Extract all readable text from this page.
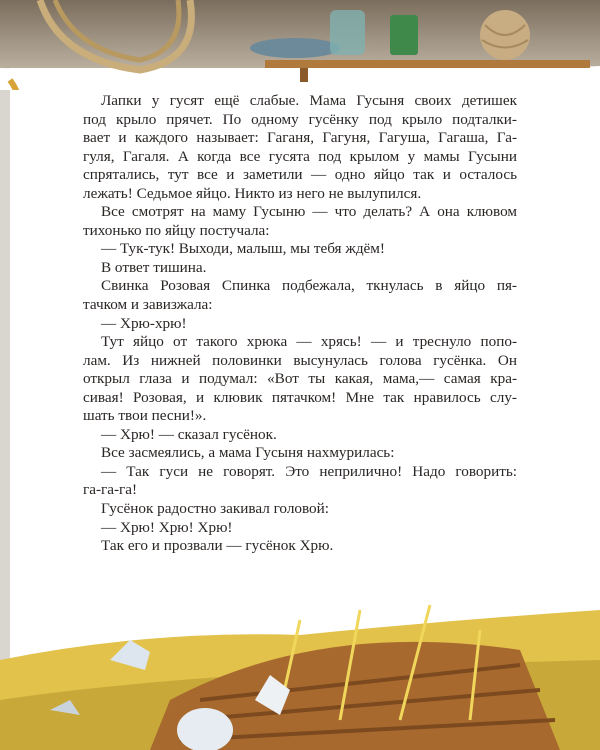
Лапки у гусят ещё слабые. Мама Гусыня своих детишек
под крыло прячет. По одному гусёнку под крыло подталки-
вает и каждого называет: Гаганя, Гагуня, Гагуша, Гагаша, Га-
гуля, Гагаля. А когда все гусята под крылом у мамы Гусыни
спрятались, тут все и заметили — одно яйцо так и осталось
лежать! Седьмое яйцо. Никто из него не вылупился.
Все смотрят на маму Гусыню — что делать? А она клювом
тихонько по яйцу постучала:
— Тук-тук! Выходи, малыш, мы тебя ждём!
В ответ тишина.
Свинка Розовая Спинка подбежала, ткнулась в яйцо пя-
тачком и завизжала:
— Хрю-хрю!
Тут яйцо от такого хрюка — хрясь! — и треснуло попо-
лам. Из нижней половинки высунулась голова гусёнка. Он
открыл глаза и подумал: «Вот ты какая, мама,— самая кра-
сивая! Розовая, и клювик пятачком! Мне так нравилось слу-
шать твои песни!».
— Хрю! — сказал гусёнок.
Все засмеялись, а мама Гусыня нахмурилась:
— Так гуси не говорят. Это неприлично! Надо говорить:
га-га-га!
Гусёнок радостно закивал головой:
— Хрю! Хрю! Хрю!
Так его и прозвали — гусёнок Хрю.
